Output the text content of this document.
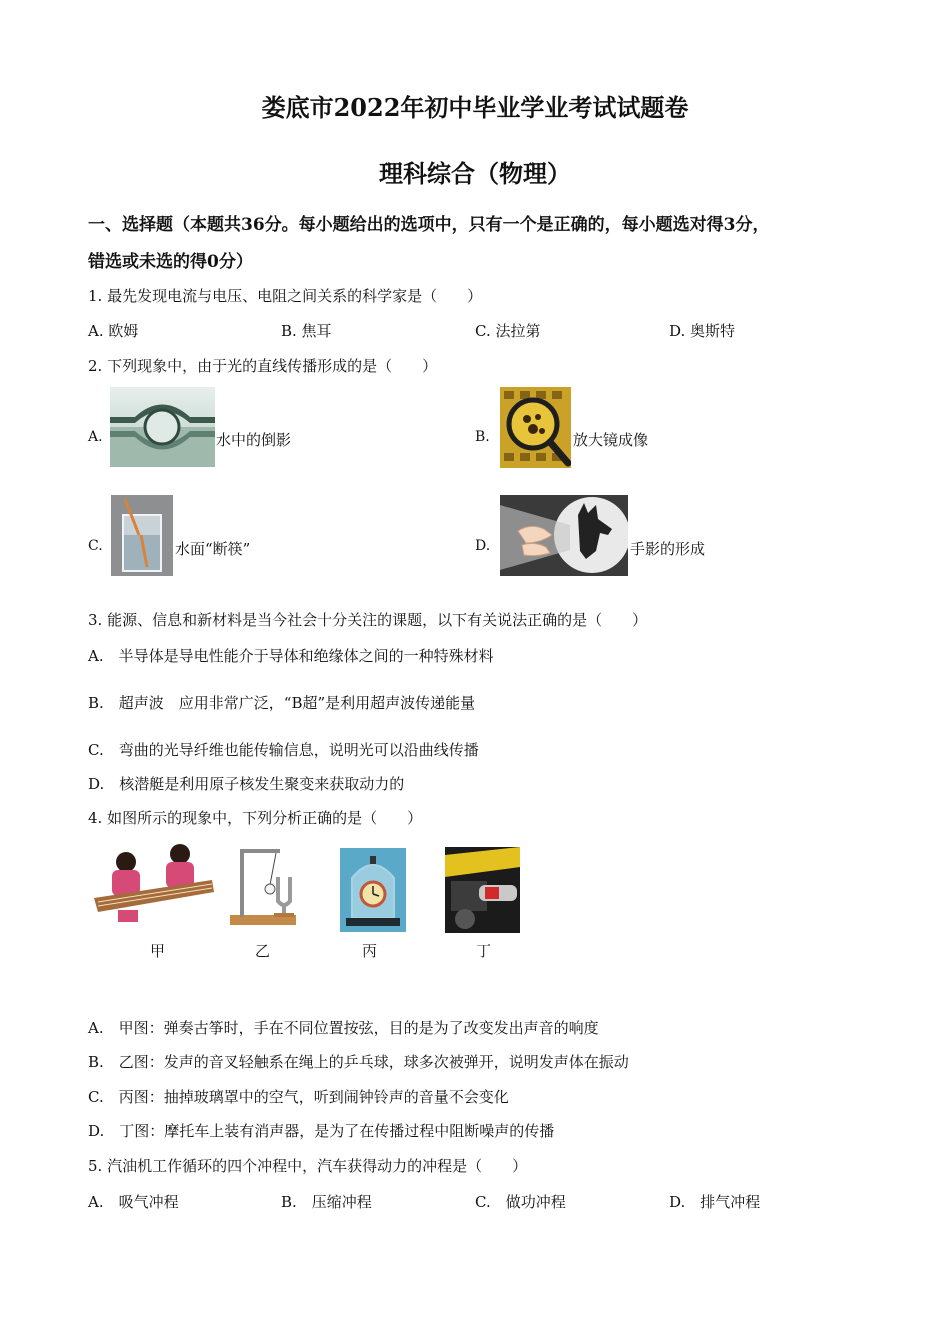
娄底市2022年初中毕业学业考试试题卷
理科综合（物理）
一、选择题（本题共36分。每小题给出的选项中，只有一个是正确的，每小题选对得3分，
错选或未选的得0分）
1. 最先发现电流与电压、电阻之间关系的科学家是（　　）
A. 欧姆	B. 焦耳	C. 法拉第	D. 奥斯特
2. 下列现象中，由于光的直线传播形成的是（　　）
A.	水中的倒影	B.	放大镜成像
C.	水面“断筷”	D.	手影的形成
3. 能源、信息和新材料是当今社会十分关注的课题，以下有关说法正确的是（　　）
A.　半导体是导电性能介于导体和绝缘体之间的一种特殊材料
B.　超声波　应用非常广泛，“B超”是利用超声波传递能量
C.　弯曲的光导纤维也能传输信息，说明光可以沿曲线传播
D.　核潜艇是利用原子核发生聚变来获取动力的
4. 如图所示的现象中，下列分析正确的是（　　）
甲	乙	丙	丁
A.　甲图：弹奏古筝时，手在不同位置按弦，目的是为了改变发出声音的响度
B.　乙图：发声的音叉轻触系在绳上的乒乓球，球多次被弹开，说明发声体在振动
C.　丙图：抽掉玻璃罩中的空气，听到闹钟铃声的音量不会变化
D.　丁图：摩托车上装有消声器，是为了在传播过程中阻断噪声的传播
5. 汽油机工作循环的四个冲程中，汽车获得动力的冲程是（　　）
A.　吸气冲程	B.　压缩冲程	C.　做功冲程	D.　排气冲程
